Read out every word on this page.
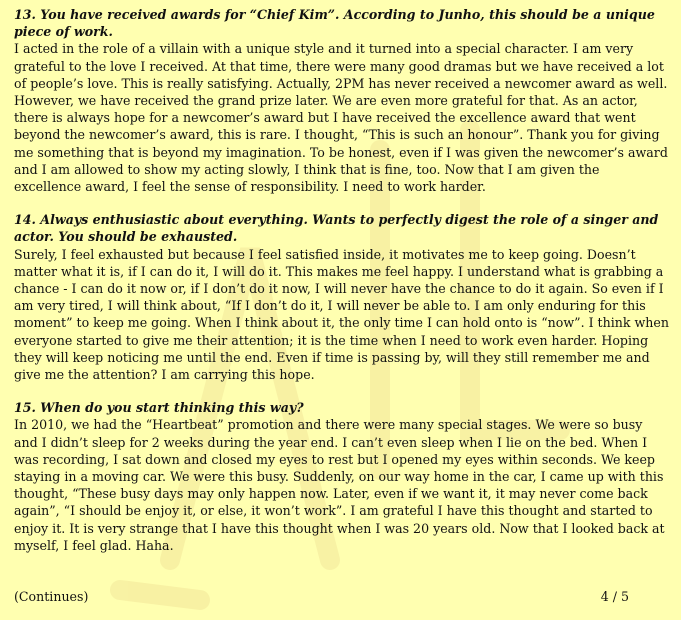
13. You have received awards for “Chief Kim”. According to Junho, this should be a unique piece of work.

I acted in the role of a villain with a unique style and it turned into a special character. I am very grateful to the love I received. At that time, there were many good dramas but we have received a lot of people’s love. This is really satisfying. Actually, 2PM has never received a newcomer award as well. However, we have received the grand prize later. We are even more grateful for that. As an actor, there is always hope for a newcomer’s award but I have received the excellence award that went beyond the newcomer’s award, this is rare. I thought, “This is such an honour”. Thank you for giving me something that is beyond my imagination. To be honest, even if I was given the newcomer’s award and I am allowed to show my acting slowly, I think that is fine, too. Now that I am given the excellence award, I feel the sense of responsibility. I need to work harder.

14. Always enthusiastic about everything. Wants to perfectly digest the role of a singer and actor. You should be exhausted.

Surely, I feel exhausted but because I feel satisfied inside, it motivates me to keep going. Doesn’t matter what it is, if I can do it, I will do it. This makes me feel happy. I understand what is grabbing a chance - I can do it now or, if I don’t do it now, I will never have the chance to do it again. So even if I am very tired, I will think about, “If I don’t do it, I will never be able to. I am only enduring for this moment” to keep me going. When I think about it, the only time I can hold onto is “now”. I think when everyone started to give me their attention; it is the time when I need to work even harder. Hoping they will keep noticing me until the end. Even if time is passing by, will they still remember me and give me the attention? I am carrying this hope.

15. When do you start thinking this way?

In 2010, we had the “Heartbeat” promotion and there were many special stages. We were so busy and I didn’t sleep for 2 weeks during the year end. I can’t even sleep when I lie on the bed. When I was recording, I sat down and closed my eyes to rest but I opened my eyes within seconds. We keep staying in a moving car. We were this busy. Suddenly, on our way home in the car, I came up with this thought, “These busy days may only happen now. Later, even if we want it, it may never come back again”, “I should be enjoy it, or else, it won’t work”. I am grateful I have this thought and started to enjoy it. It is very strange that I have this thought when I was 20 years old. Now that I looked back at myself, I feel glad. Haha.

(Continues)	4 / 5
